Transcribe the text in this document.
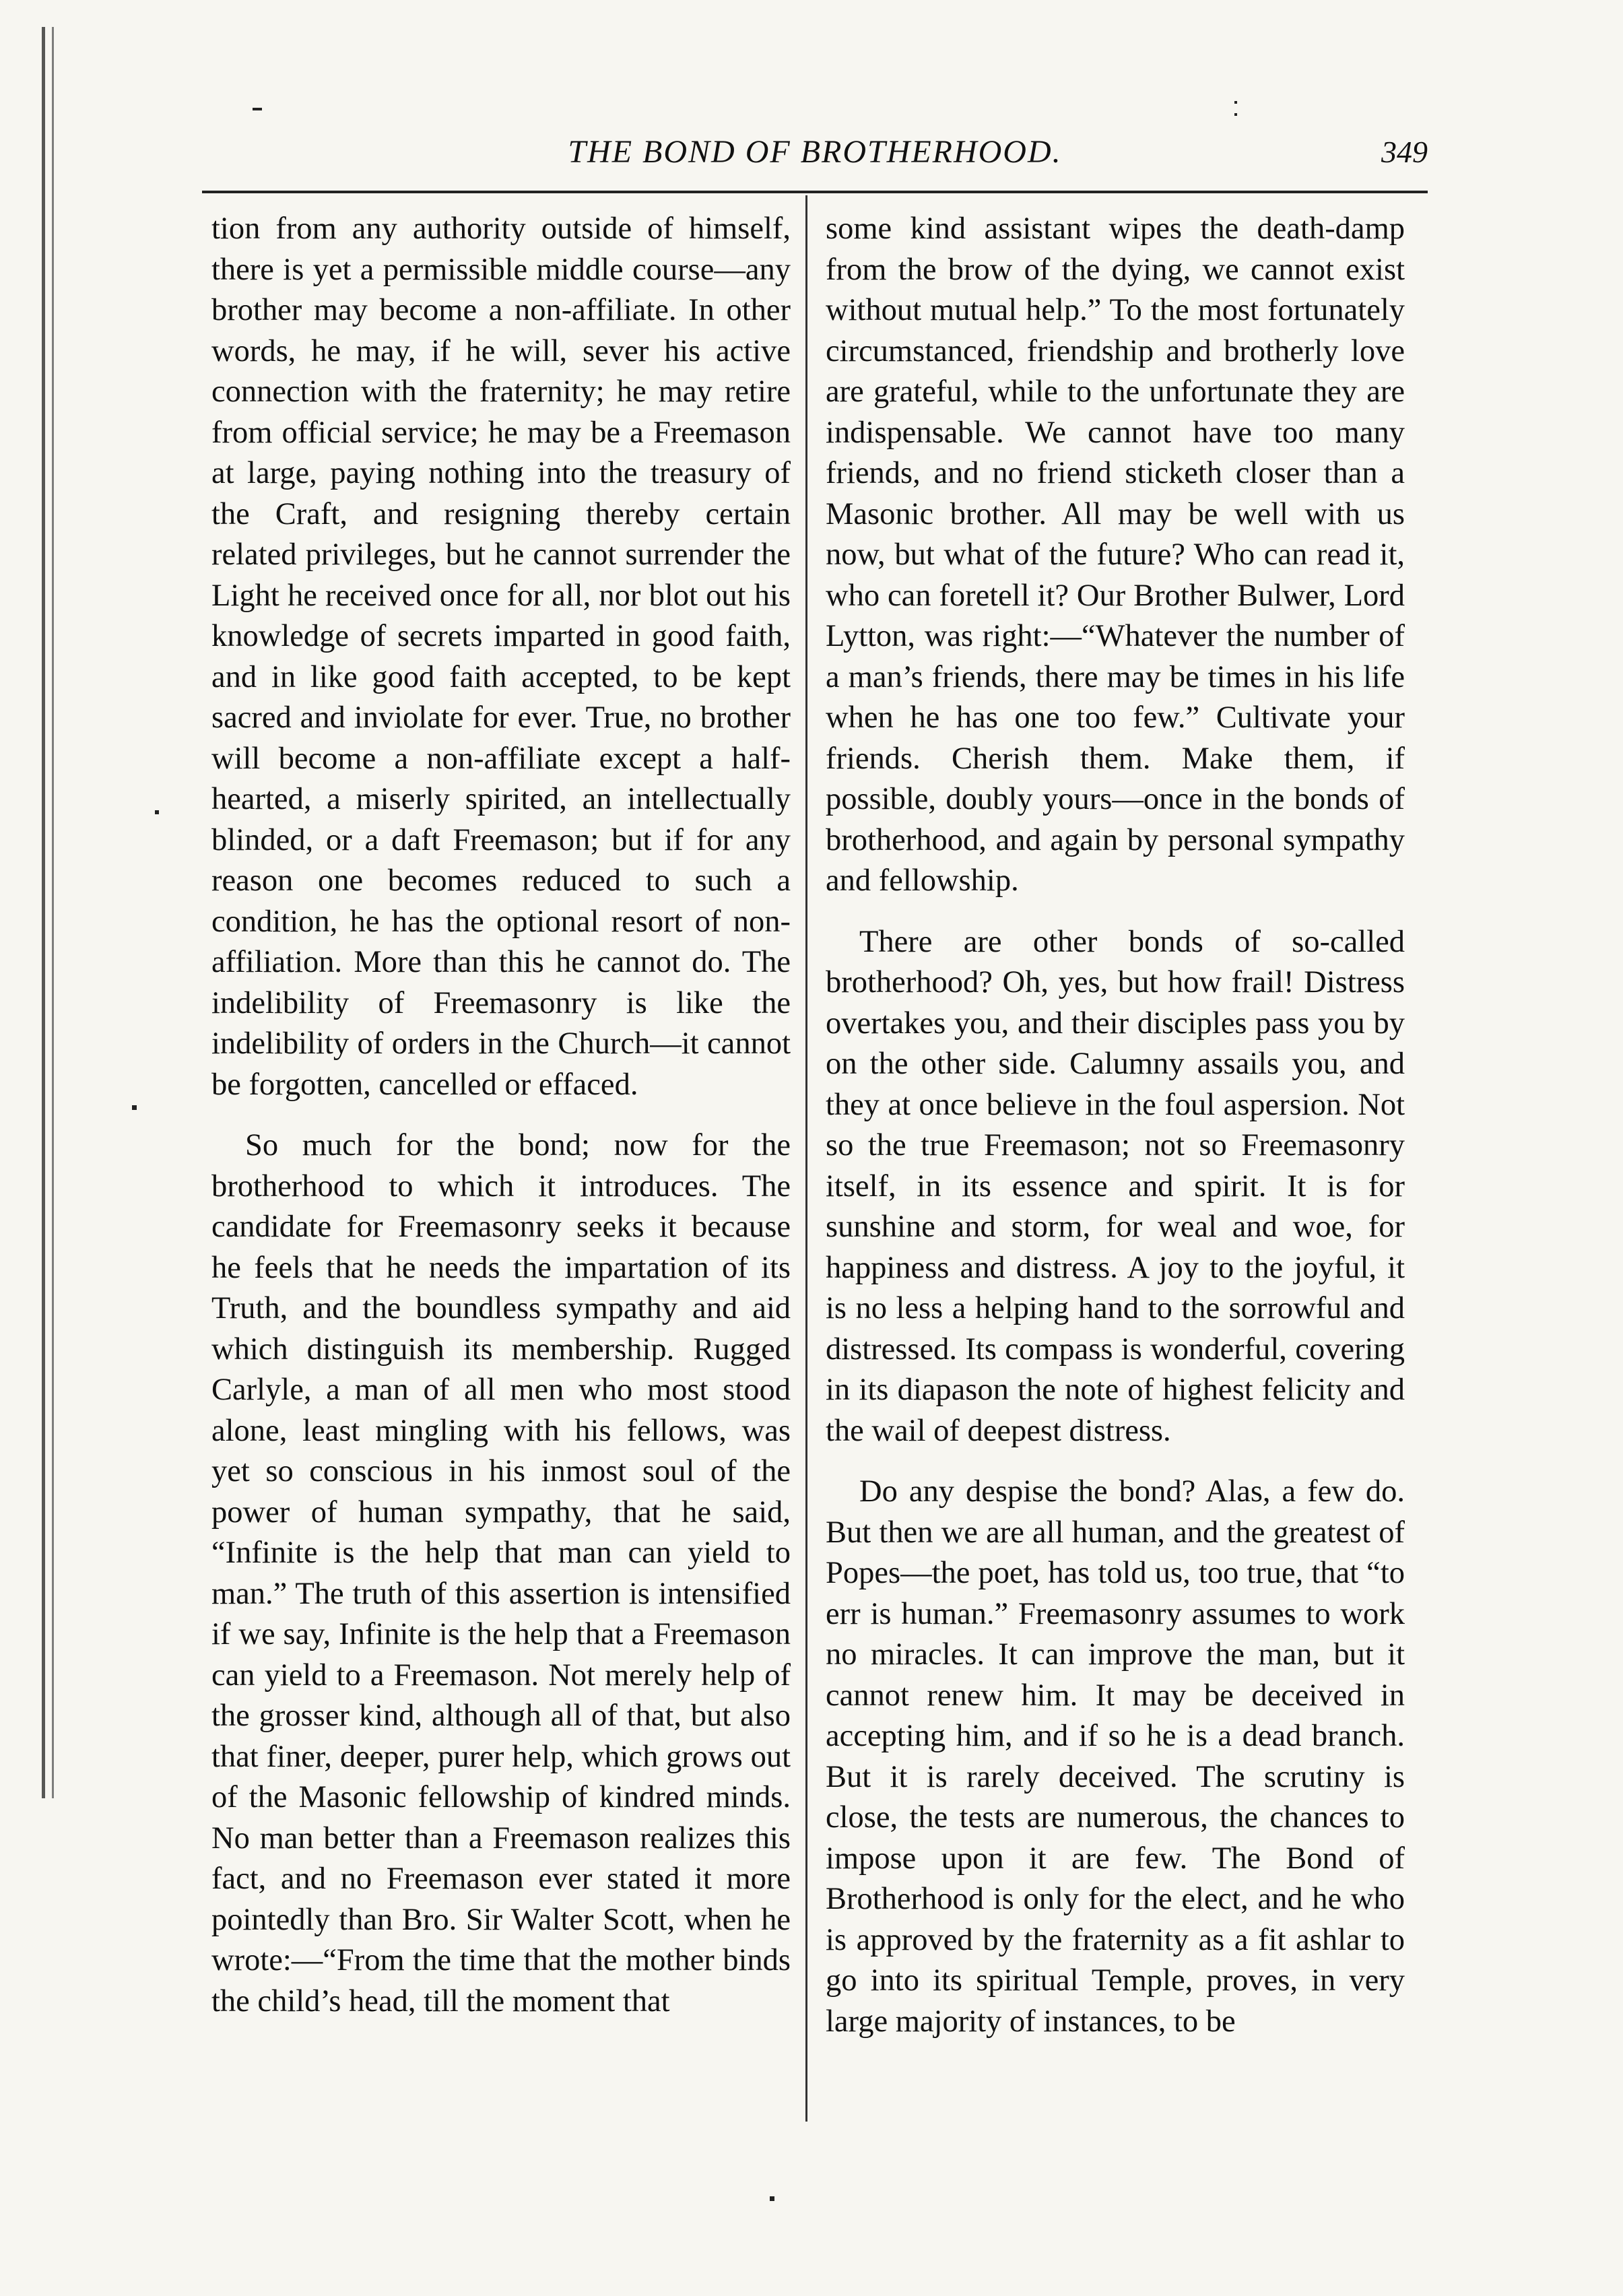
THE BOND OF BROTHERHOOD.	349

tion from any authority outside of himself, there is yet a permissible middle course—any brother may become a non-affiliate. In other words, he may, if he will, sever his active connection with the fraternity; he may retire from official service; he may be a Freemason at large, paying nothing into the treasury of the Craft, and resigning thereby certain related privileges, but he cannot surrender the Light he received once for all, nor blot out his knowledge of secrets imparted in good faith, and in like good faith accepted, to be kept sacred and inviolate for ever. True, no brother will become a non-affiliate except a half-hearted, a miserly spirited, an intellectually blinded, or a daft Freemason; but if for any reason one becomes reduced to such a condition, he has the optional resort of non-affiliation. More than this he cannot do. The indelibility of Freemasonry is like the indelibility of orders in the Church—it cannot be forgotten, cancelled or effaced.

So much for the bond; now for the brotherhood to which it introduces. The candidate for Freemasonry seeks it because he feels that he needs the impartation of its Truth, and the boundless sympathy and aid which distinguish its membership. Rugged Carlyle, a man of all men who most stood alone, least mingling with his fellows, was yet so conscious in his inmost soul of the power of human sympathy, that he said, “Infinite is the help that man can yield to man.” The truth of this assertion is intensified if we say, Infinite is the help that a Freemason can yield to a Freemason. Not merely help of the grosser kind, although all of that, but also that finer, deeper, purer help, which grows out of the Masonic fellowship of kindred minds. No man better than a Freemason realizes this fact, and no Freemason ever stated it more pointedly than Bro. Sir Walter Scott, when he wrote:—“From the time that the mother binds the child’s head, till the moment that

some kind assistant wipes the death-damp from the brow of the dying, we cannot exist without mutual help.” To the most fortunately circumstanced, friendship and brotherly love are grateful, while to the unfortunate they are indispensable. We cannot have too many friends, and no friend sticketh closer than a Masonic brother. All may be well with us now, but what of the future? Who can read it, who can foretell it? Our Brother Bulwer, Lord Lytton, was right:—“Whatever the number of a man’s friends, there may be times in his life when he has one too few.” Cultivate your friends. Cherish them. Make them, if possible, doubly yours—once in the bonds of brotherhood, and again by personal sympathy and fellowship.

There are other bonds of so-called brotherhood? Oh, yes, but how frail! Distress overtakes you, and their disciples pass you by on the other side. Calumny assails you, and they at once believe in the foul aspersion. Not so the true Freemason; not so Freemasonry itself, in its essence and spirit. It is for sunshine and storm, for weal and woe, for happiness and distress. A joy to the joyful, it is no less a helping hand to the sorrowful and distressed. Its compass is wonderful, covering in its diapason the note of highest felicity and the wail of deepest distress.

Do any despise the bond? Alas, a few do. But then we are all human, and the greatest of Popes—the poet, has told us, too true, that “to err is human.” Freemasonry assumes to work no miracles. It can improve the man, but it cannot renew him. It may be deceived in accepting him, and if so he is a dead branch. But it is rarely deceived. The scrutiny is close, the tests are numerous, the chances to impose upon it are few. The Bond of Brotherhood is only for the elect, and he who is approved by the fraternity as a fit ashlar to go into its spiritual Temple, proves, in very large majority of instances, to be
